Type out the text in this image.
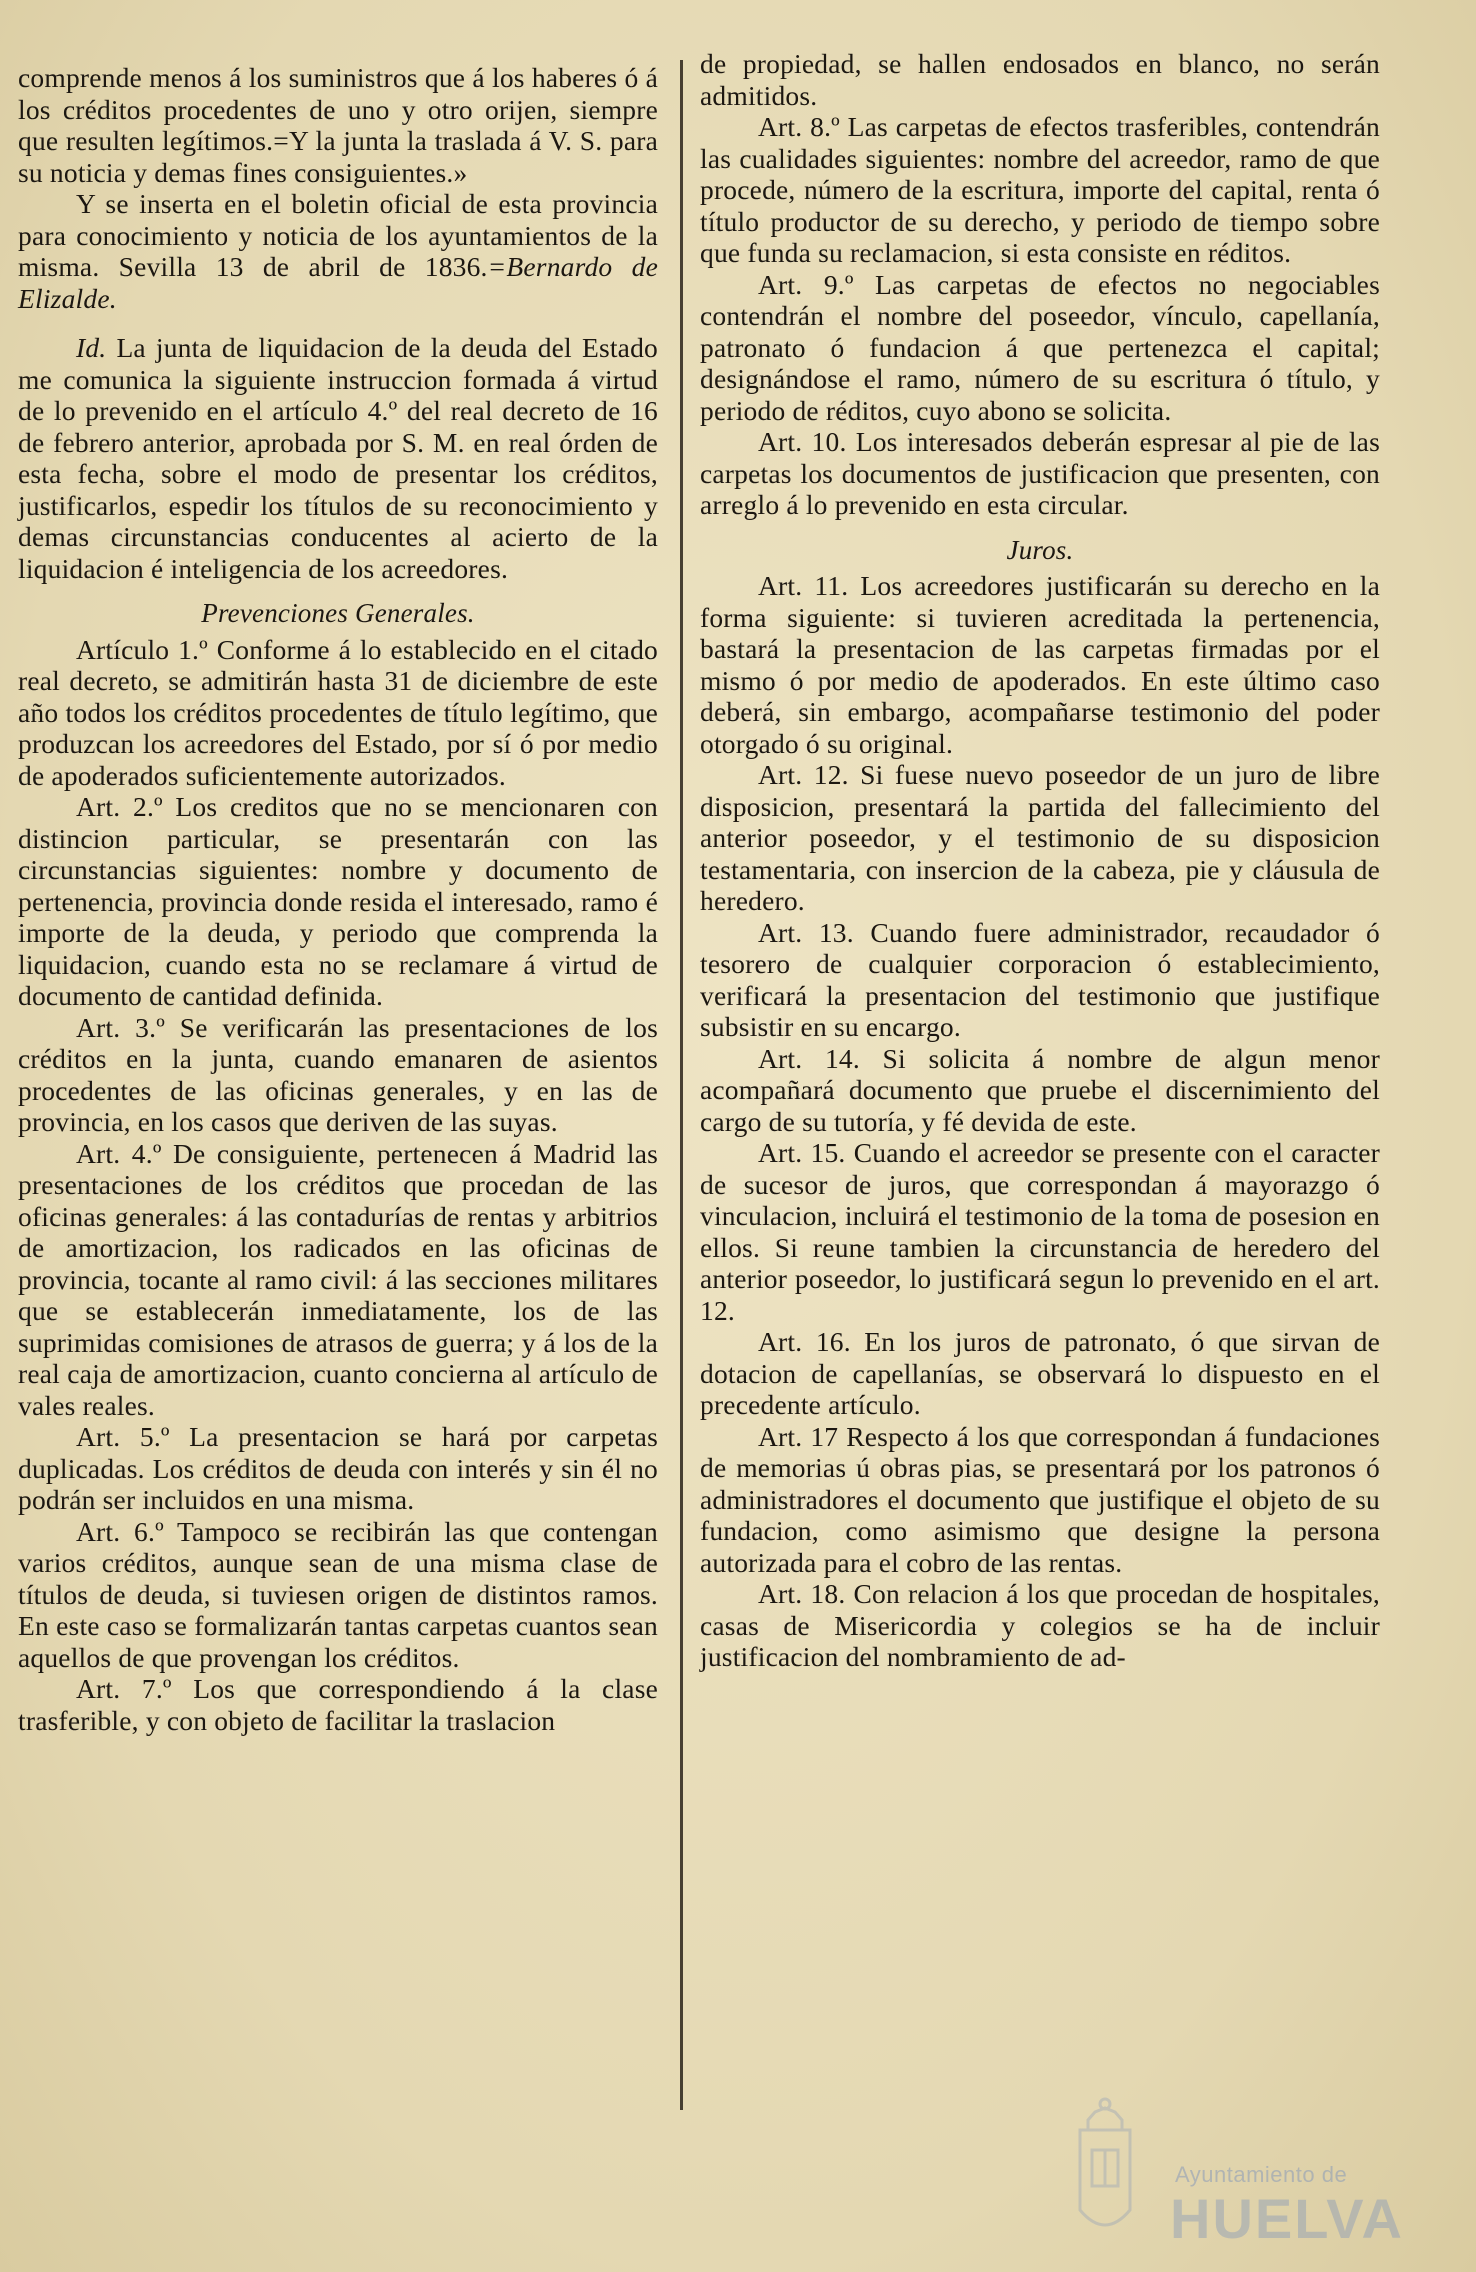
comprende menos á los suministros que á los haberes ó á los créditos procedentes de uno y otro orijen, siempre que resulten legítimos.=Y la junta la traslada á V. S. para su noticia y demas fines consiguientes.»

Y se inserta en el boletin oficial de esta provincia para conocimiento y noticia de los ayuntamientos de la misma. Sevilla 13 de abril de 1836.=Bernardo de Elizalde.

Id. La junta de liquidacion de la deuda del Estado me comunica la siguiente instruccion formada á virtud de lo prevenido en el artículo 4.º del real decreto de 16 de febrero anterior, aprobada por S. M. en real órden de esta fecha, sobre el modo de presentar los créditos, justificarlos, espedir los títulos de su reconocimiento y demas circunstancias conducentes al acierto de la liquidacion é inteligencia de los acreedores.

Prevenciones Generales.

Artículo 1.º Conforme á lo establecido en el citado real decreto, se admitirán hasta 31 de diciembre de este año todos los créditos procedentes de título legítimo, que produzcan los acreedores del Estado, por sí ó por medio de apoderados suficientemente autorizados.

Art. 2.º Los creditos que no se mencionaren con distincion particular, se presentarán con las circunstancias siguientes: nombre y documento de pertenencia, provincia donde resida el interesado, ramo é importe de la deuda, y periodo que comprenda la liquidacion, cuando esta no se reclamare á virtud de documento de cantidad definida.

Art. 3.º Se verificarán las presentaciones de los créditos en la junta, cuando emanaren de asientos procedentes de las oficinas generales, y en las de provincia, en los casos que deriven de las suyas.

Art. 4.º De consiguiente, pertenecen á Madrid las presentaciones de los créditos que procedan de las oficinas generales: á las contadurías de rentas y arbitrios de amortizacion, los radicados en las oficinas de provincia, tocante al ramo civil: á las secciones militares que se establecerán inmediatamente, los de las suprimidas comisiones de atrasos de guerra; y á los de la real caja de amortizacion, cuanto concierna al artículo de vales reales.

Art. 5.º La presentacion se hará por carpetas duplicadas. Los créditos de deuda con interés y sin él no podrán ser incluidos en una misma.

Art. 6.º Tampoco se recibirán las que contengan varios créditos, aunque sean de una misma clase de títulos de deuda, si tuviesen origen de distintos ramos. En este caso se formalizarán tantas carpetas cuantos sean aquellos de que provengan los créditos.

Art. 7.º Los que correspondiendo á la clase trasferible, y con objeto de facilitar la traslacion

de propiedad, se hallen endosados en blanco, no serán admitidos.

Art. 8.º Las carpetas de efectos trasferibles, contendrán las cualidades siguientes: nombre del acreedor, ramo de que procede, número de la escritura, importe del capital, renta ó título productor de su derecho, y periodo de tiempo sobre que funda su reclamacion, si esta consiste en réditos.

Art. 9.º Las carpetas de efectos no negociables contendrán el nombre del poseedor, vínculo, capellanía, patronato ó fundacion á que pertenezca el capital; designándose el ramo, número de su escritura ó título, y periodo de réditos, cuyo abono se solicita.

Art. 10. Los interesados deberán espresar al pie de las carpetas los documentos de justificacion que presenten, con arreglo á lo prevenido en esta circular.

Juros.

Art. 11. Los acreedores justificarán su derecho en la forma siguiente: si tuvieren acreditada la pertenencia, bastará la presentacion de las carpetas firmadas por el mismo ó por medio de apoderados. En este último caso deberá, sin embargo, acompañarse testimonio del poder otorgado ó su original.

Art. 12. Si fuese nuevo poseedor de un juro de libre disposicion, presentará la partida del fallecimiento del anterior poseedor, y el testimonio de su disposicion testamentaria, con insercion de la cabeza, pie y cláusula de heredero.

Art. 13. Cuando fuere administrador, recaudador ó tesorero de cualquier corporacion ó establecimiento, verificará la presentacion del testimonio que justifique subsistir en su encargo.

Art. 14. Si solicita á nombre de algun menor acompañará documento que pruebe el discernimiento del cargo de su tutoría, y fé devida de este.

Art. 15. Cuando el acreedor se presente con el caracter de sucesor de juros, que correspondan á mayorazgo ó vinculacion, incluirá el testimonio de la toma de posesion en ellos. Si reune tambien la circunstancia de heredero del anterior poseedor, lo justificará segun lo prevenido en el art. 12.

Art. 16. En los juros de patronato, ó que sirvan de dotacion de capellanías, se observará lo dispuesto en el precedente artículo.

Art. 17 Respecto á los que correspondan á fundaciones de memorias ú obras pias, se presentará por los patronos ó administradores el documento que justifique el objeto de su fundacion, como asimismo que designe la persona autorizada para el cobro de las rentas.

Art. 18. Con relacion á los que procedan de hospitales, casas de Misericordia y colegios se ha de incluir justificacion del nombramiento de ad-

Ayuntamiento de
HUELVA
